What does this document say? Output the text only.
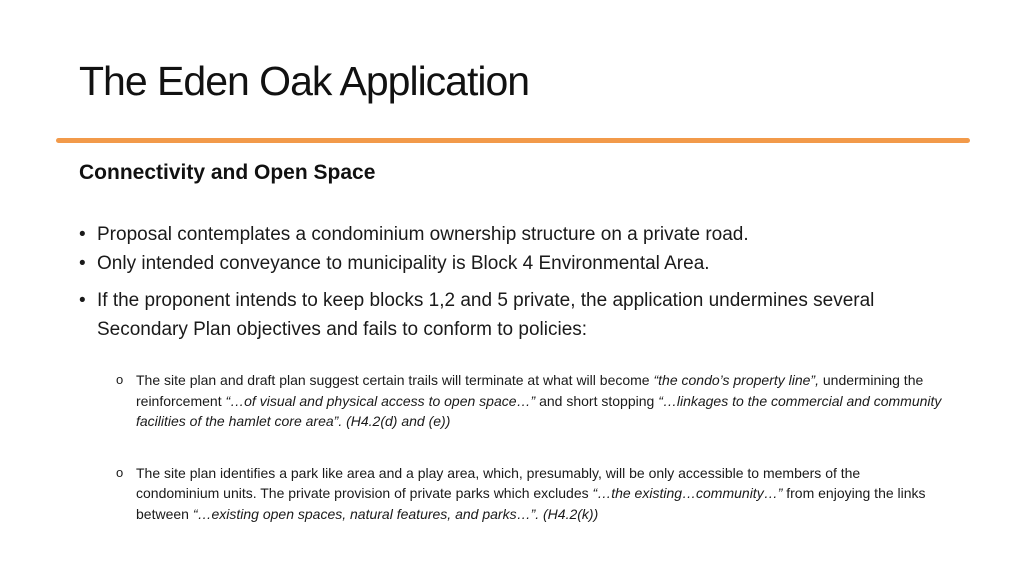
The Eden Oak Application
Connectivity and Open Space
• Proposal contemplates a condominium ownership structure on a private road.
• Only intended conveyance to municipality is Block 4 Environmental Area.
• If the proponent intends to keep blocks 1,2 and 5 private, the application undermines several Secondary Plan objectives and fails to conform to policies:
o The site plan and draft plan suggest certain trails will terminate at what will become “the condo’s property line”, undermining the reinforcement “…of visual and physical access to open space…” and short stopping “…linkages to the commercial and community facilities of the hamlet core area”. (H4.2(d) and (e))
o The site plan identifies a park like area and a play area, which, presumably, will be only accessible to members of the condominium units. The private provision of private parks which excludes “…the existing…community…” from enjoying the links between “…existing open spaces, natural features, and parks…”. (H4.2(k))
